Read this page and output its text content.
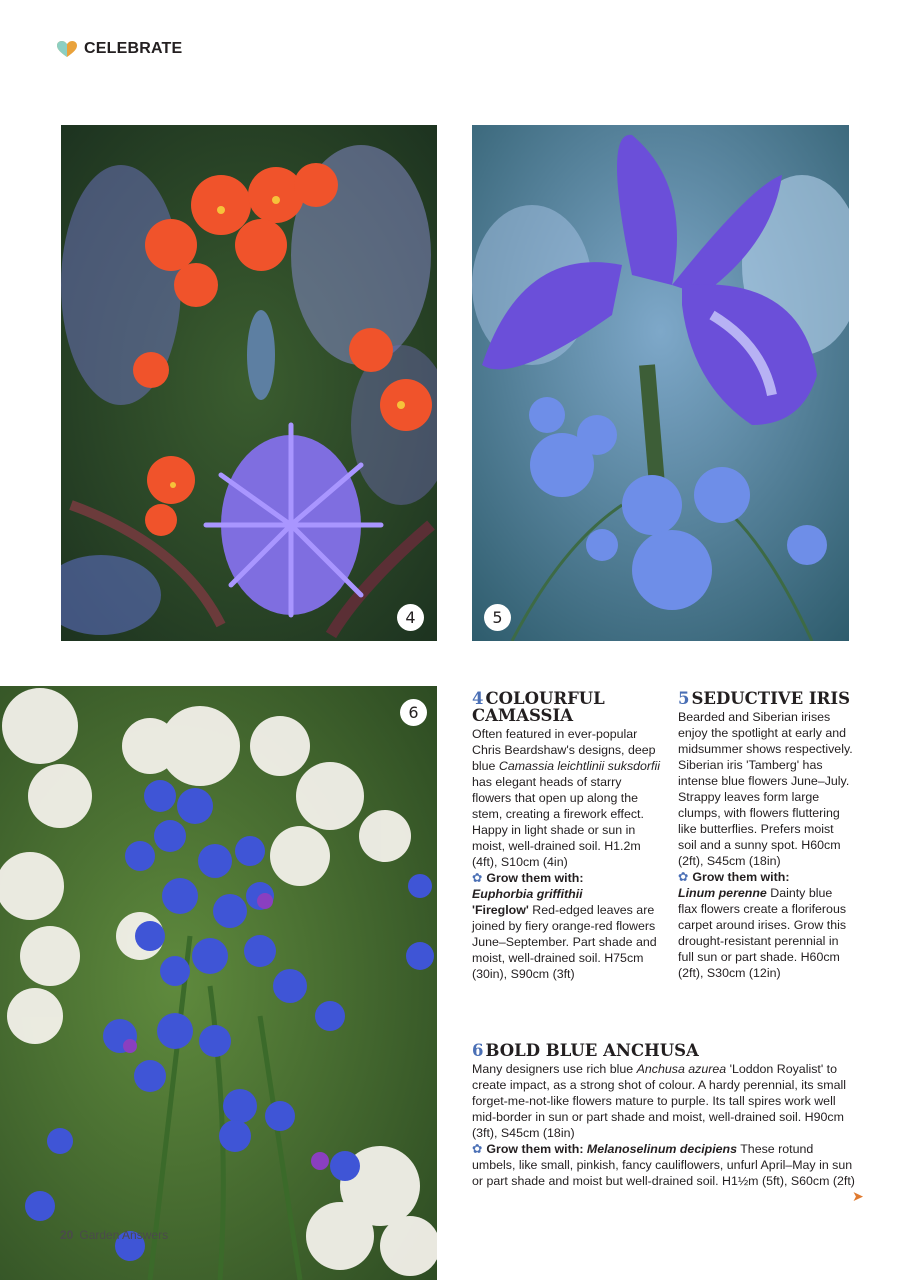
CELEBRATE
4	5
6
4 COLOURFUL CAMASSIA

Often featured in ever-popular Chris Beardshaw's designs, deep blue Camassia leichtlinii suksdorfii has elegant heads of starry flowers that open up along the stem, creating a firework effect. Happy in light shade or sun in moist, well-drained soil. H1.2m (4ft), S10cm (4in)

✿ Grow them with:
Euphorbia griffithii
'Fireglow' Red-edged leaves are joined by fiery orange-red flowers June–September. Part shade and moist, well-drained soil. H75cm (30in), S90cm (3ft)

5 SEDUCTIVE IRIS

Bearded and Siberian irises enjoy the spotlight at early and midsummer shows respectively. Siberian iris 'Tamberg' has intense blue flowers June–July. Strappy leaves form large clumps, with flowers fluttering like butterflies. Prefers moist soil and a sunny spot. H60cm (2ft), S45cm (18in)

✿ Grow them with:
Linum perenne Dainty blue flax flowers create a floriferous carpet around irises. Grow this drought-resistant perennial in full sun or part shade. H60cm (2ft), S30cm (12in)

6 BOLD BLUE ANCHUSA

Many designers use rich blue Anchusa azurea 'Loddon Royalist' to create impact, as a strong shot of colour. A hardy perennial, its small forget-me-not-like flowers mature to purple. Its tall spires work well mid-border in sun or part shade and moist, well-drained soil. H90cm (3ft), S45cm (18in)

✿ Grow them with: Melanoselinum decipiens These rotund umbels, like small, pinkish, fancy cauliflowers, unfurl April–May in sun or part shade and moist but well-drained soil. H1½m (5ft), S60cm (2ft)

➤
20 Garden Answers
